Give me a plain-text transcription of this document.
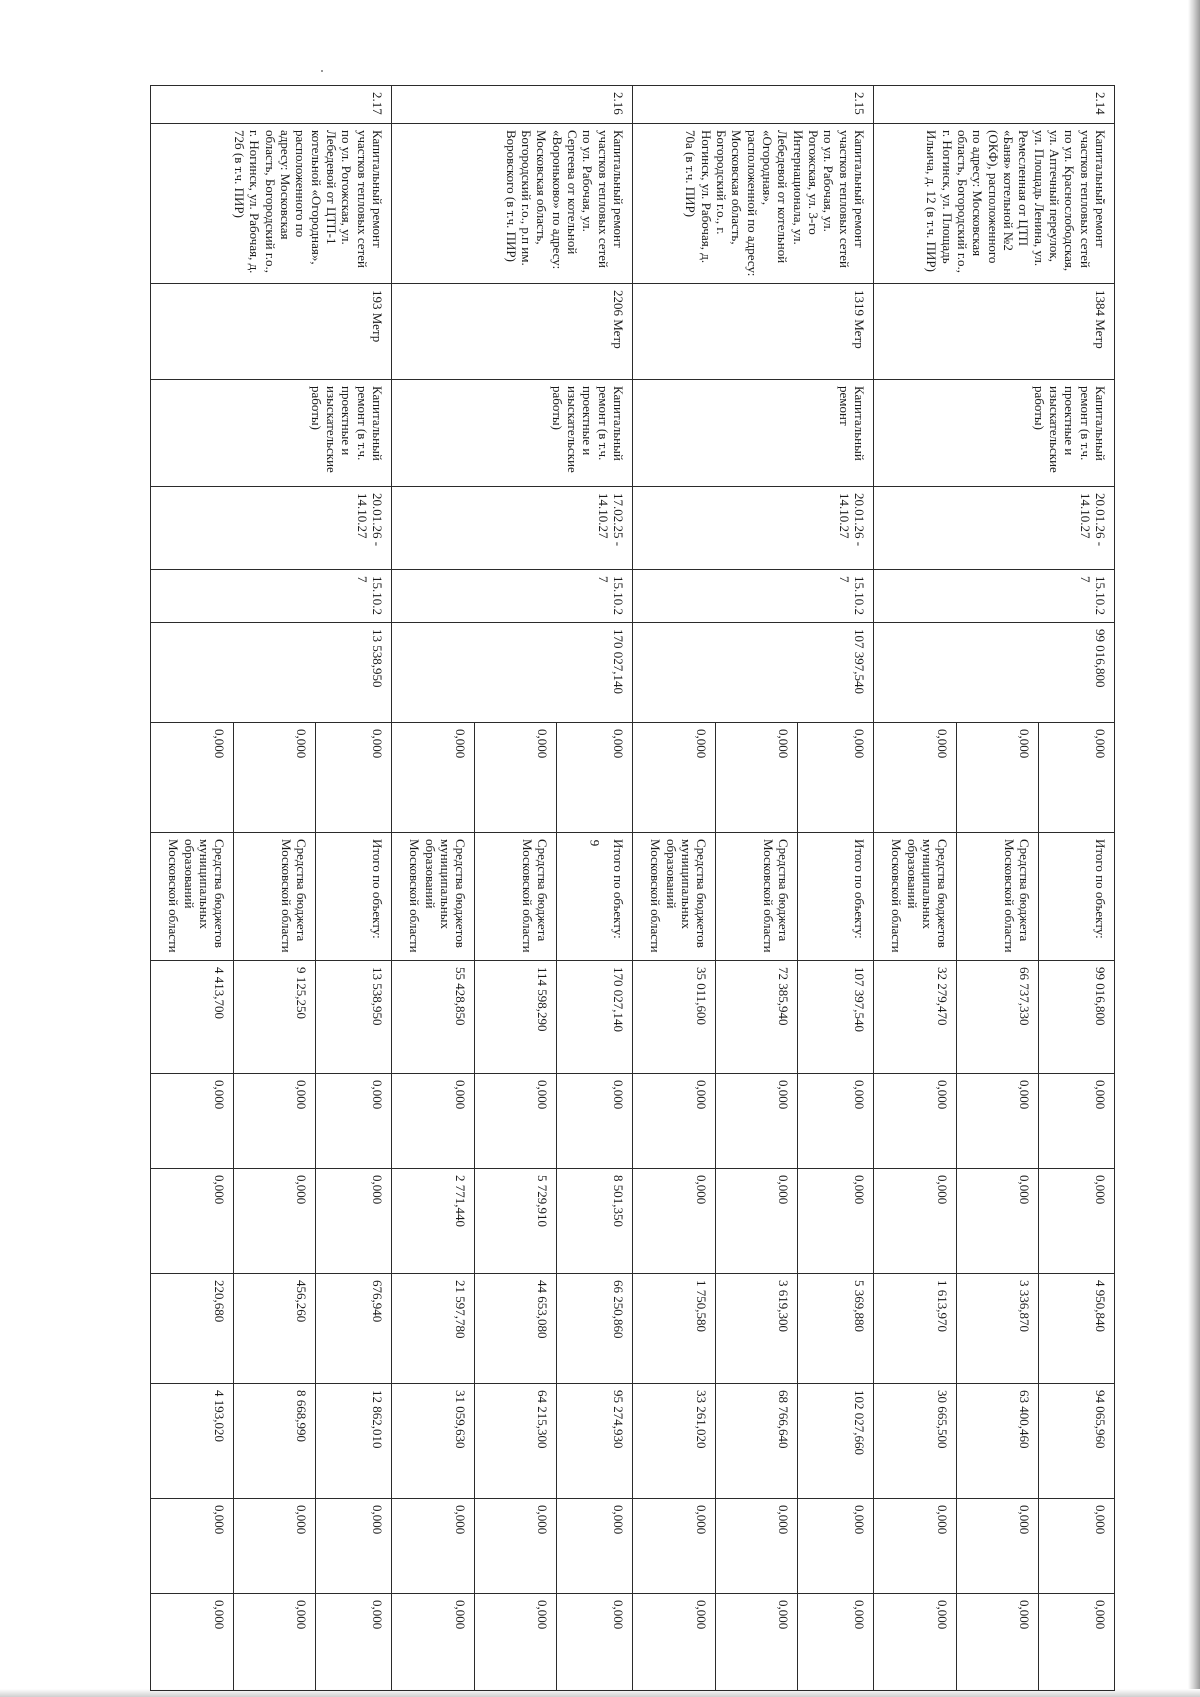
2.14	Капитальный ремонт участков тепловых сетей по ул. Краснослободская, ул. Аптечный переулок, ул. Площадь Ленина, ул. Ремесленная от ЦТП «Баня» котельной №2 (ОКФ), расположенного по адресу: Московская область, Богородский г.о., г. Ногинск, ул. Площадь Ильича, д. 12 (в т.ч. ПИР)	1384 Метр	Капитальный ремонт (в т.ч. проектные и изыскательские работы)	20.01.26 - 14.10.27	15.10.27	99 016,800	0,000	Итого по объекту:	99 016,800	0,000	0,000	4 950,840	94 065,960	0,000	0,000
							0,000	Средства бюджета Московской области	66 737,330	0,000	0,000	3 336,870	63 400,460	0,000	0,000
							0,000	Средства бюджетов муниципальных образований Московской области	32 279,470	0,000	0,000	1 613,970	30 665,500	0,000	0,000
2.15	Капитальный ремонт участков тепловых сетей по ул. Рабочая, ул. Рогожская, ул. 3-го Интернационала, ул. Лебедевой от котельной «Огородная», расположенной по адресу: Московская область, Богородский г.о., г. Ногинск, ул. Рабочая, д. 70а (в т.ч. ПИР)	1319 Метр	Капитальный ремонт	20.01.26 - 14.10.27	15.10.27	107 397,540	0,000	Итого по объекту:	107 397,540	0,000	0,000	5 369,880	102 027,660	0,000	0,000
							0,000	Средства бюджета Московской области	72 385,940	0,000	0,000	3 619,300	68 766,640	0,000	0,000
							0,000	Средства бюджетов муниципальных образований Московской области	35 011,600	0,000	0,000	1 750,580	33 261,020	0,000	0,000
2.16	Капитальный ремонт участков тепловых сетей по ул. Рабочая, ул. Сергеева от котельной «Вороньково» по адресу: Московская область, Богородский г.о., р.п им. Воровского (в т.ч. ПИР)	2206 Метр	Капитальный ремонт (в т.ч. проектные и изыскательские работы)	17.02.25 - 14.10.27	15.10.27	170 027,140	0,000	Итого по объекту:	170 027,140	0,000	8 501,350	66 250,860	95 274,930	0,000	0,000
							0,000	Средства бюджета Московской области	114 598,290	0,000	5 729,910	44 653,080	64 215,300	0,000	0,000
							0,000	Средства бюджетов муниципальных образований Московской области	55 428,850	0,000	2 771,440	21 597,780	31 059,630	0,000	0,000
2.17	Капитальный ремонт участков тепловых сетей по ул. Рогожская, ул. Лебедевой от ЦТП-1 котельной «Огородная», расположенного по адресу: Московская область, Богородский г.о., г. Ногинск, ул. Рабочая, д. 72б (в т.ч. ПИР)	193 Метр	Капитальный ремонт (в т.ч. проектные и изыскательские работы)	20.01.26 - 14.10.27	15.10.27	13 538,950	0,000	Итого по объекту:	13 538,950	0,000	0,000	676,940	12 862,010	0,000	0,000
							0,000	Средства бюджета Московской области	9 125,250	0,000	0,000	456,260	8 668,990	0,000	0,000
							0,000	Средства бюджетов муниципальных образований Московской области	4 413,700	0,000	0,000	220,680	4 193,020	0,000	0,000
9
